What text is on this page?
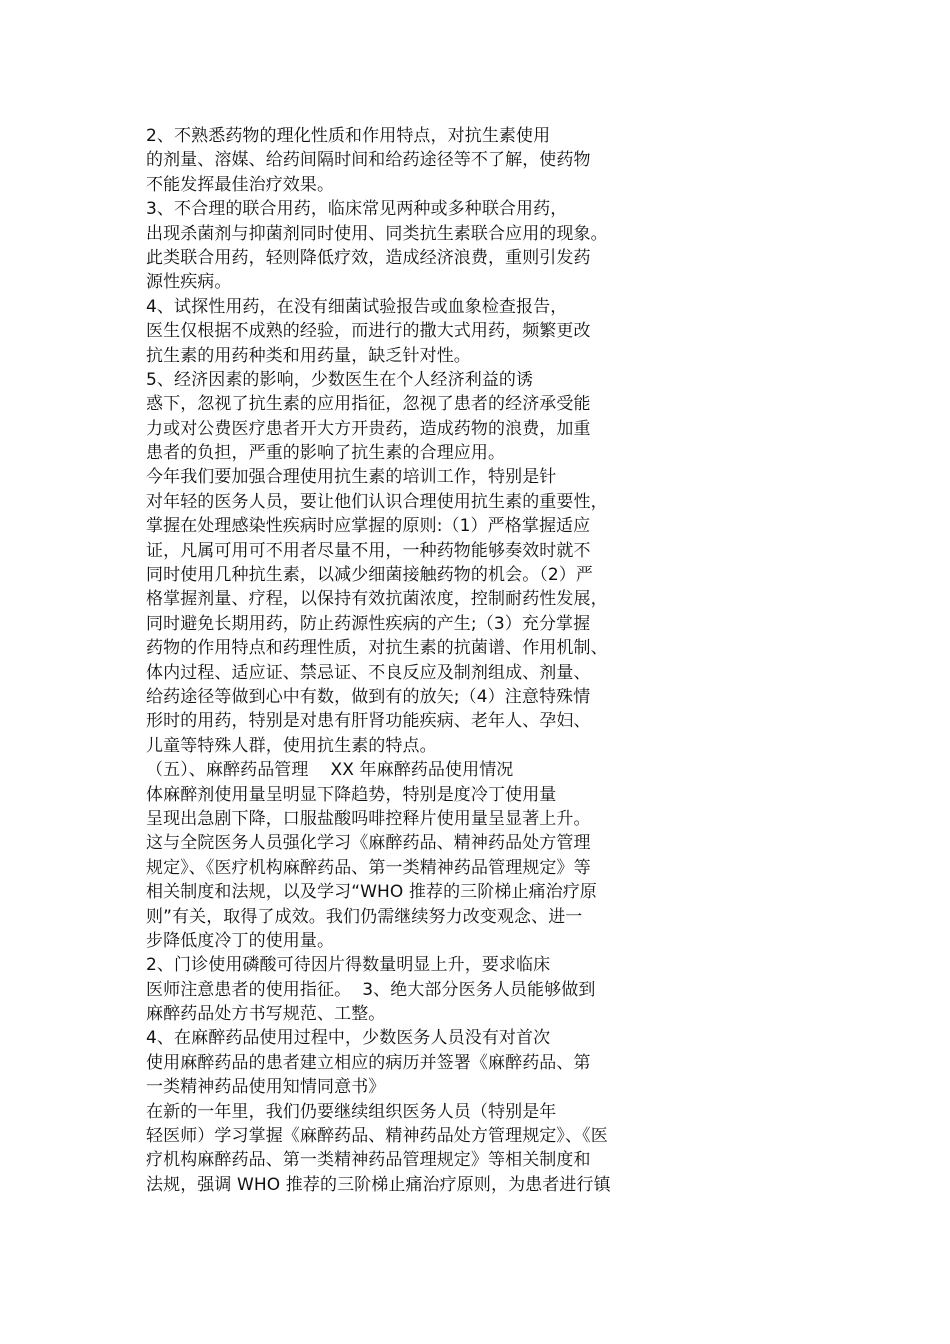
2、不熟悉药物的理化性质和作用特点，对抗生素使用
的剂量、溶媒、给药间隔时间和给药途径等不了解，使药物
不能发挥最佳治疗效果。
3、不合理的联合用药，临床常见两种或多种联合用药，
出现杀菌剂与抑菌剂同时使用、同类抗生素联合应用的现象。
此类联合用药，轻则降低疗效，造成经济浪费，重则引发药
源性疾病。
4、试探性用药，在没有细菌试验报告或血象检查报告，
医生仅根据不成熟的经验，而进行的撒大式用药，频繁更改
抗生素的用药种类和用药量，缺乏针对性。
5、经济因素的影响，少数医生在个人经济利益的诱
惑下，忽视了抗生素的应用指征，忽视了患者的经济承受能
力或对公费医疗患者开大方开贵药，造成药物的浪费，加重
患者的负担，严重的影响了抗生素的合理应用。
今年我们要加强合理使用抗生素的培训工作，特别是针
对年轻的医务人员，要让他们认识合理使用抗生素的重要性，
掌握在处理感染性疾病时应掌握的原则:（1）严格掌握适应
证，凡属可用可不用者尽量不用，一种药物能够奏效时就不
同时使用几种抗生素，以减少细菌接触药物的机会。（2）严
格掌握剂量、疗程，以保持有效抗菌浓度，控制耐药性发展，
同时避免长期用药，防止药源性疾病的产生;（3）充分掌握
药物的作用特点和药理性质，对抗生素的抗菌谱、作用机制、
体内过程、适应证、禁忌证、不良反应及制剂组成、剂量、
给药途径等做到心中有数，做到有的放矢;（4）注意特殊情
形时的用药，特别是对患有肝肾功能疾病、老年人、孕妇、
儿童等特殊人群，使用抗生素的特点。
（五）、麻醉药品管理    XX 年麻醉药品使用情况
体麻醉剂使用量呈明显下降趋势，特别是度冷丁使用量
呈现出急剧下降，口服盐酸吗啡控释片使用量呈显著上升。
这与全院医务人员强化学习《麻醉药品、精神药品处方管理
规定》、《医疗机构麻醉药品、第一类精神药品管理规定》等
相关制度和法规，以及学习“WHO 推荐的三阶梯止痛治疗原
则”有关，取得了成效。我们仍需继续努力改变观念、进一
步降低度冷丁的使用量。
2、门诊使用磷酸可待因片得数量明显上升，要求临床
医师注意患者的使用指征。  3、绝大部分医务人员能够做到
麻醉药品处方书写规范、工整。
4、在麻醉药品使用过程中，少数医务人员没有对首次
使用麻醉药品的患者建立相应的病历并签署《麻醉药品、第
一类精神药品使用知情同意书》
在新的一年里，我们仍要继续组织医务人员（特别是年
轻医师）学习掌握《麻醉药品、精神药品处方管理规定》、《医
疗机构麻醉药品、第一类精神药品管理规定》等相关制度和
法规，强调 WHO 推荐的三阶梯止痛治疗原则，为患者进行镇
